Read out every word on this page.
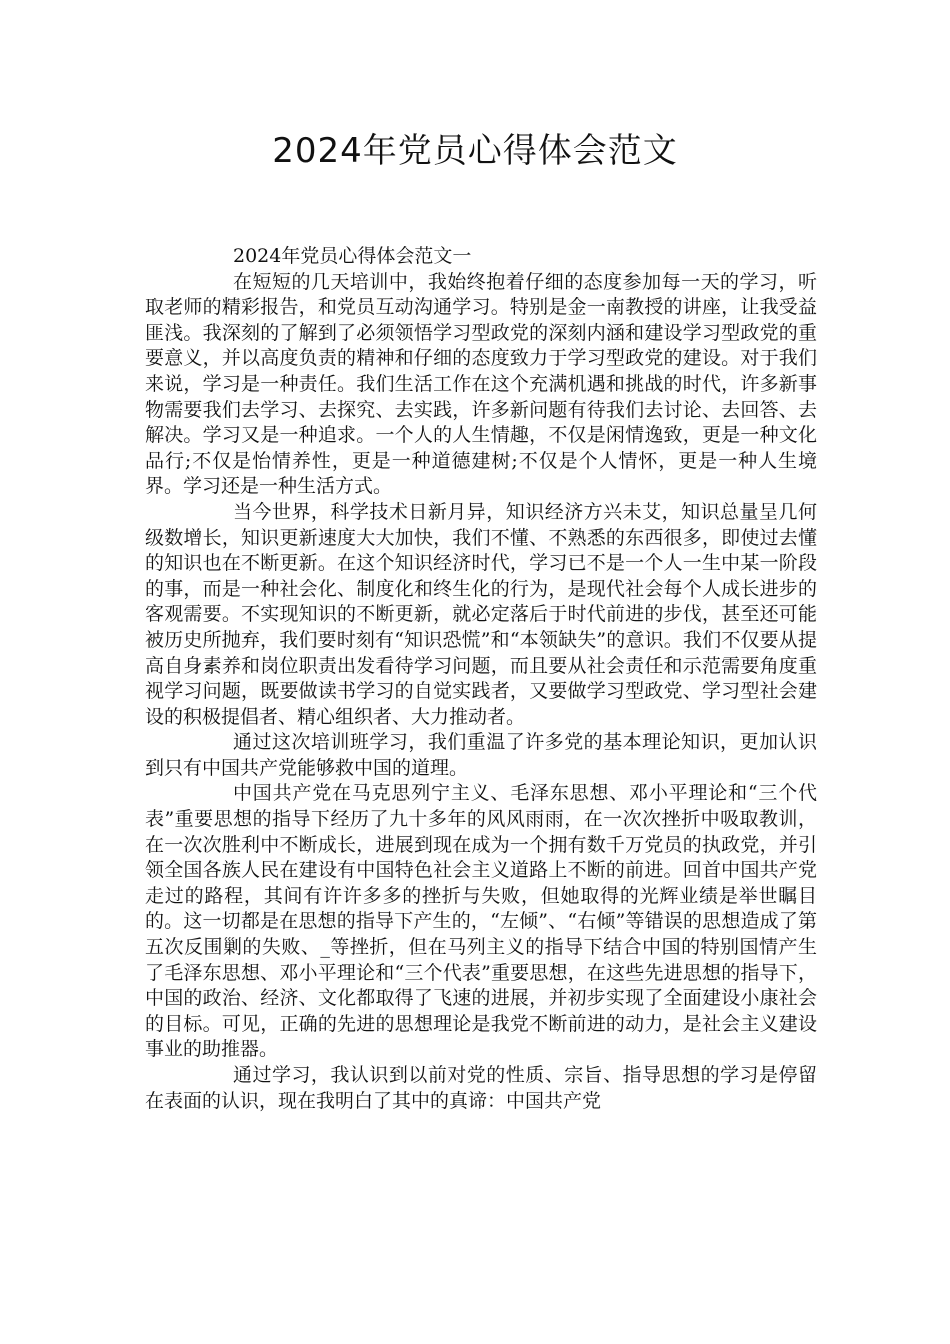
2024年党员心得体会范文

2024年党员心得体会范文一

在短短的几天培训中，我始终抱着仔细的态度参加每一天的学习，听取老师的精彩报告，和党员互动沟通学习。特别是金一南教授的讲座，让我受益匪浅。我深刻的了解到了必须领悟学习型政党的深刻内涵和建设学习型政党的重要意义，并以高度负责的精神和仔细的态度致力于学习型政党的建设。对于我们来说，学习是一种责任。我们生活工作在这个充满机遇和挑战的时代，许多新事物需要我们去学习、去探究、去实践，许多新问题有待我们去讨论、去回答、去解决。学习又是一种追求。一个人的人生情趣，不仅是闲情逸致，更是一种文化品行;不仅是怡情养性，更是一种道德建树;不仅是个人情怀，更是一种人生境界。学习还是一种生活方式。

当今世界，科学技术日新月异，知识经济方兴未艾，知识总量呈几何级数增长，知识更新速度大大加快，我们不懂、不熟悉的东西很多，即使过去懂的知识也在不断更新。在这个知识经济时代，学习已不是一个人一生中某一阶段的事，而是一种社会化、制度化和终生化的行为，是现代社会每个人成长进步的客观需要。不实现知识的不断更新，就必定落后于时代前进的步伐，甚至还可能被历史所抛弃，我们要时刻有“知识恐慌”和“本领缺失”的意识。我们不仅要从提高自身素养和岗位职责出发看待学习问题，而且要从社会责任和示范需要角度重视学习问题，既要做读书学习的自觉实践者，又要做学习型政党、学习型社会建设的积极提倡者、精心组织者、大力推动者。

通过这次培训班学习，我们重温了许多党的基本理论知识，更加认识到只有中国共产党能够救中国的道理。

中国共产党在马克思列宁主义、毛泽东思想、邓小平理论和“三个代表”重要思想的指导下经历了九十多年的风风雨雨，在一次次挫折中吸取教训，在一次次胜利中不断成长，进展到现在成为一个拥有数千万党员的执政党，并引领全国各族人民在建设有中国特色社会主义道路上不断的前进。回首中国共产党走过的路程，其间有许许多多的挫折与失败，但她取得的光辉业绩是举世瞩目的。这一切都是在思想的指导下产生的，“左倾”、“右倾”等错误的思想造成了第五次反围剿的失败、_等挫折，但在马列主义的指导下结合中国的特别国情产生了毛泽东思想、邓小平理论和“三个代表”重要思想，在这些先进思想的指导下，中国的政治、经济、文化都取得了飞速的进展，并初步实现了全面建设小康社会的目标。可见，正确的先进的思想理论是我党不断前进的动力，是社会主义建设事业的助推器。

通过学习，我认识到以前对党的性质、宗旨、指导思想的学习是停留在表面的认识，现在我明白了其中的真谛：中国共产党
